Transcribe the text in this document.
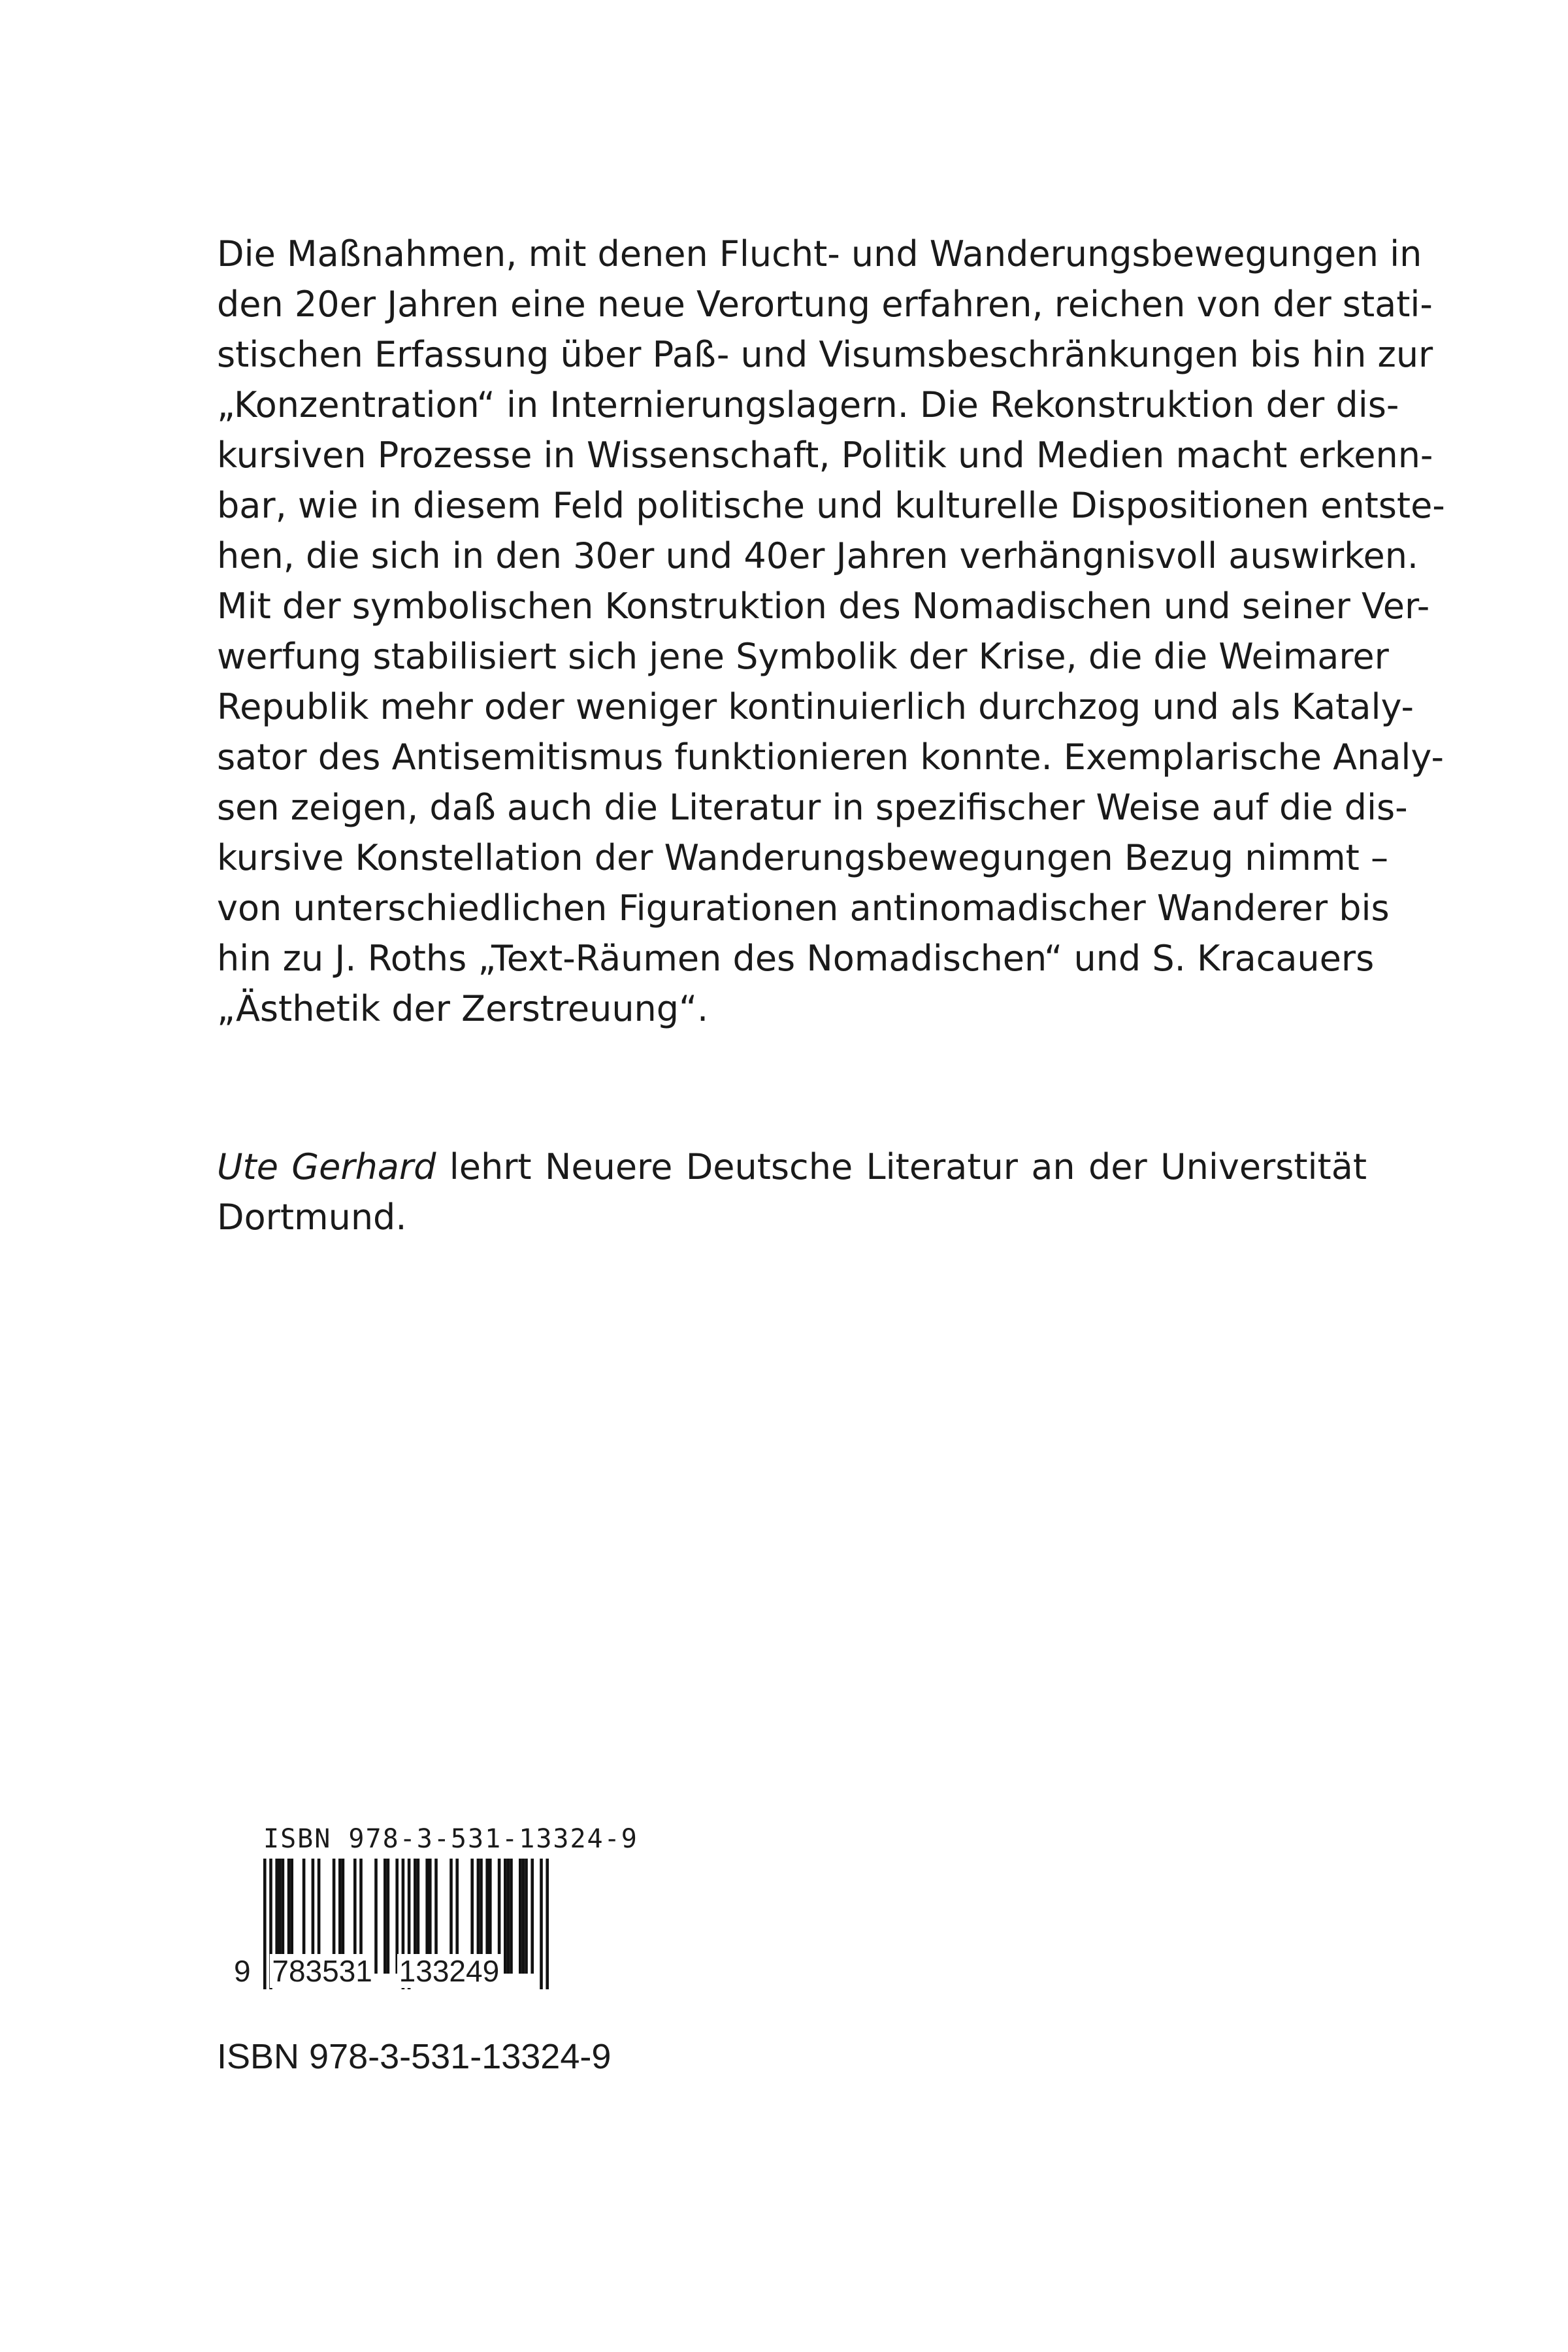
Die Maßnahmen, mit denen Flucht- und Wanderungsbewegungen in
den 20er Jahren eine neue Verortung erfahren, reichen von der stati-
stischen Erfassung über Paß- und Visumsbeschränkungen bis hin zur
„Konzentration“ in Internierungslagern. Die Rekonstruktion der dis-
kursiven Prozesse in Wissenschaft, Politik und Medien macht erkenn-
bar, wie in diesem Feld politische und kulturelle Dispositionen entste-
hen, die sich in den 30er und 40er Jahren verhängnisvoll auswirken.
Mit der symbolischen Konstruktion des Nomadischen und seiner Ver-
werfung stabilisiert sich jene Symbolik der Krise, die die Weimarer
Republik mehr oder weniger kontinuierlich durchzog und als Kataly-
sator des Antisemitismus funktionieren konnte. Exemplarische Analy-
sen zeigen, daß auch die Literatur in spezifischer Weise auf die dis-
kursive Konstellation der Wanderungsbewegungen Bezug nimmt –
von unterschiedlichen Figurationen antinomadischer Wanderer bis
hin zu J. Roths „Text-Räumen des Nomadischen“ und S. Kracauers
„Ästhetik der Zerstreuung“.
Ute Gerhard lehrt Neuere Deutsche Literatur an der Universtität
Dortmund.
ISBN 978-3-531-13324-9
9 783531 133249
ISBN 978-3-531-13324-9
